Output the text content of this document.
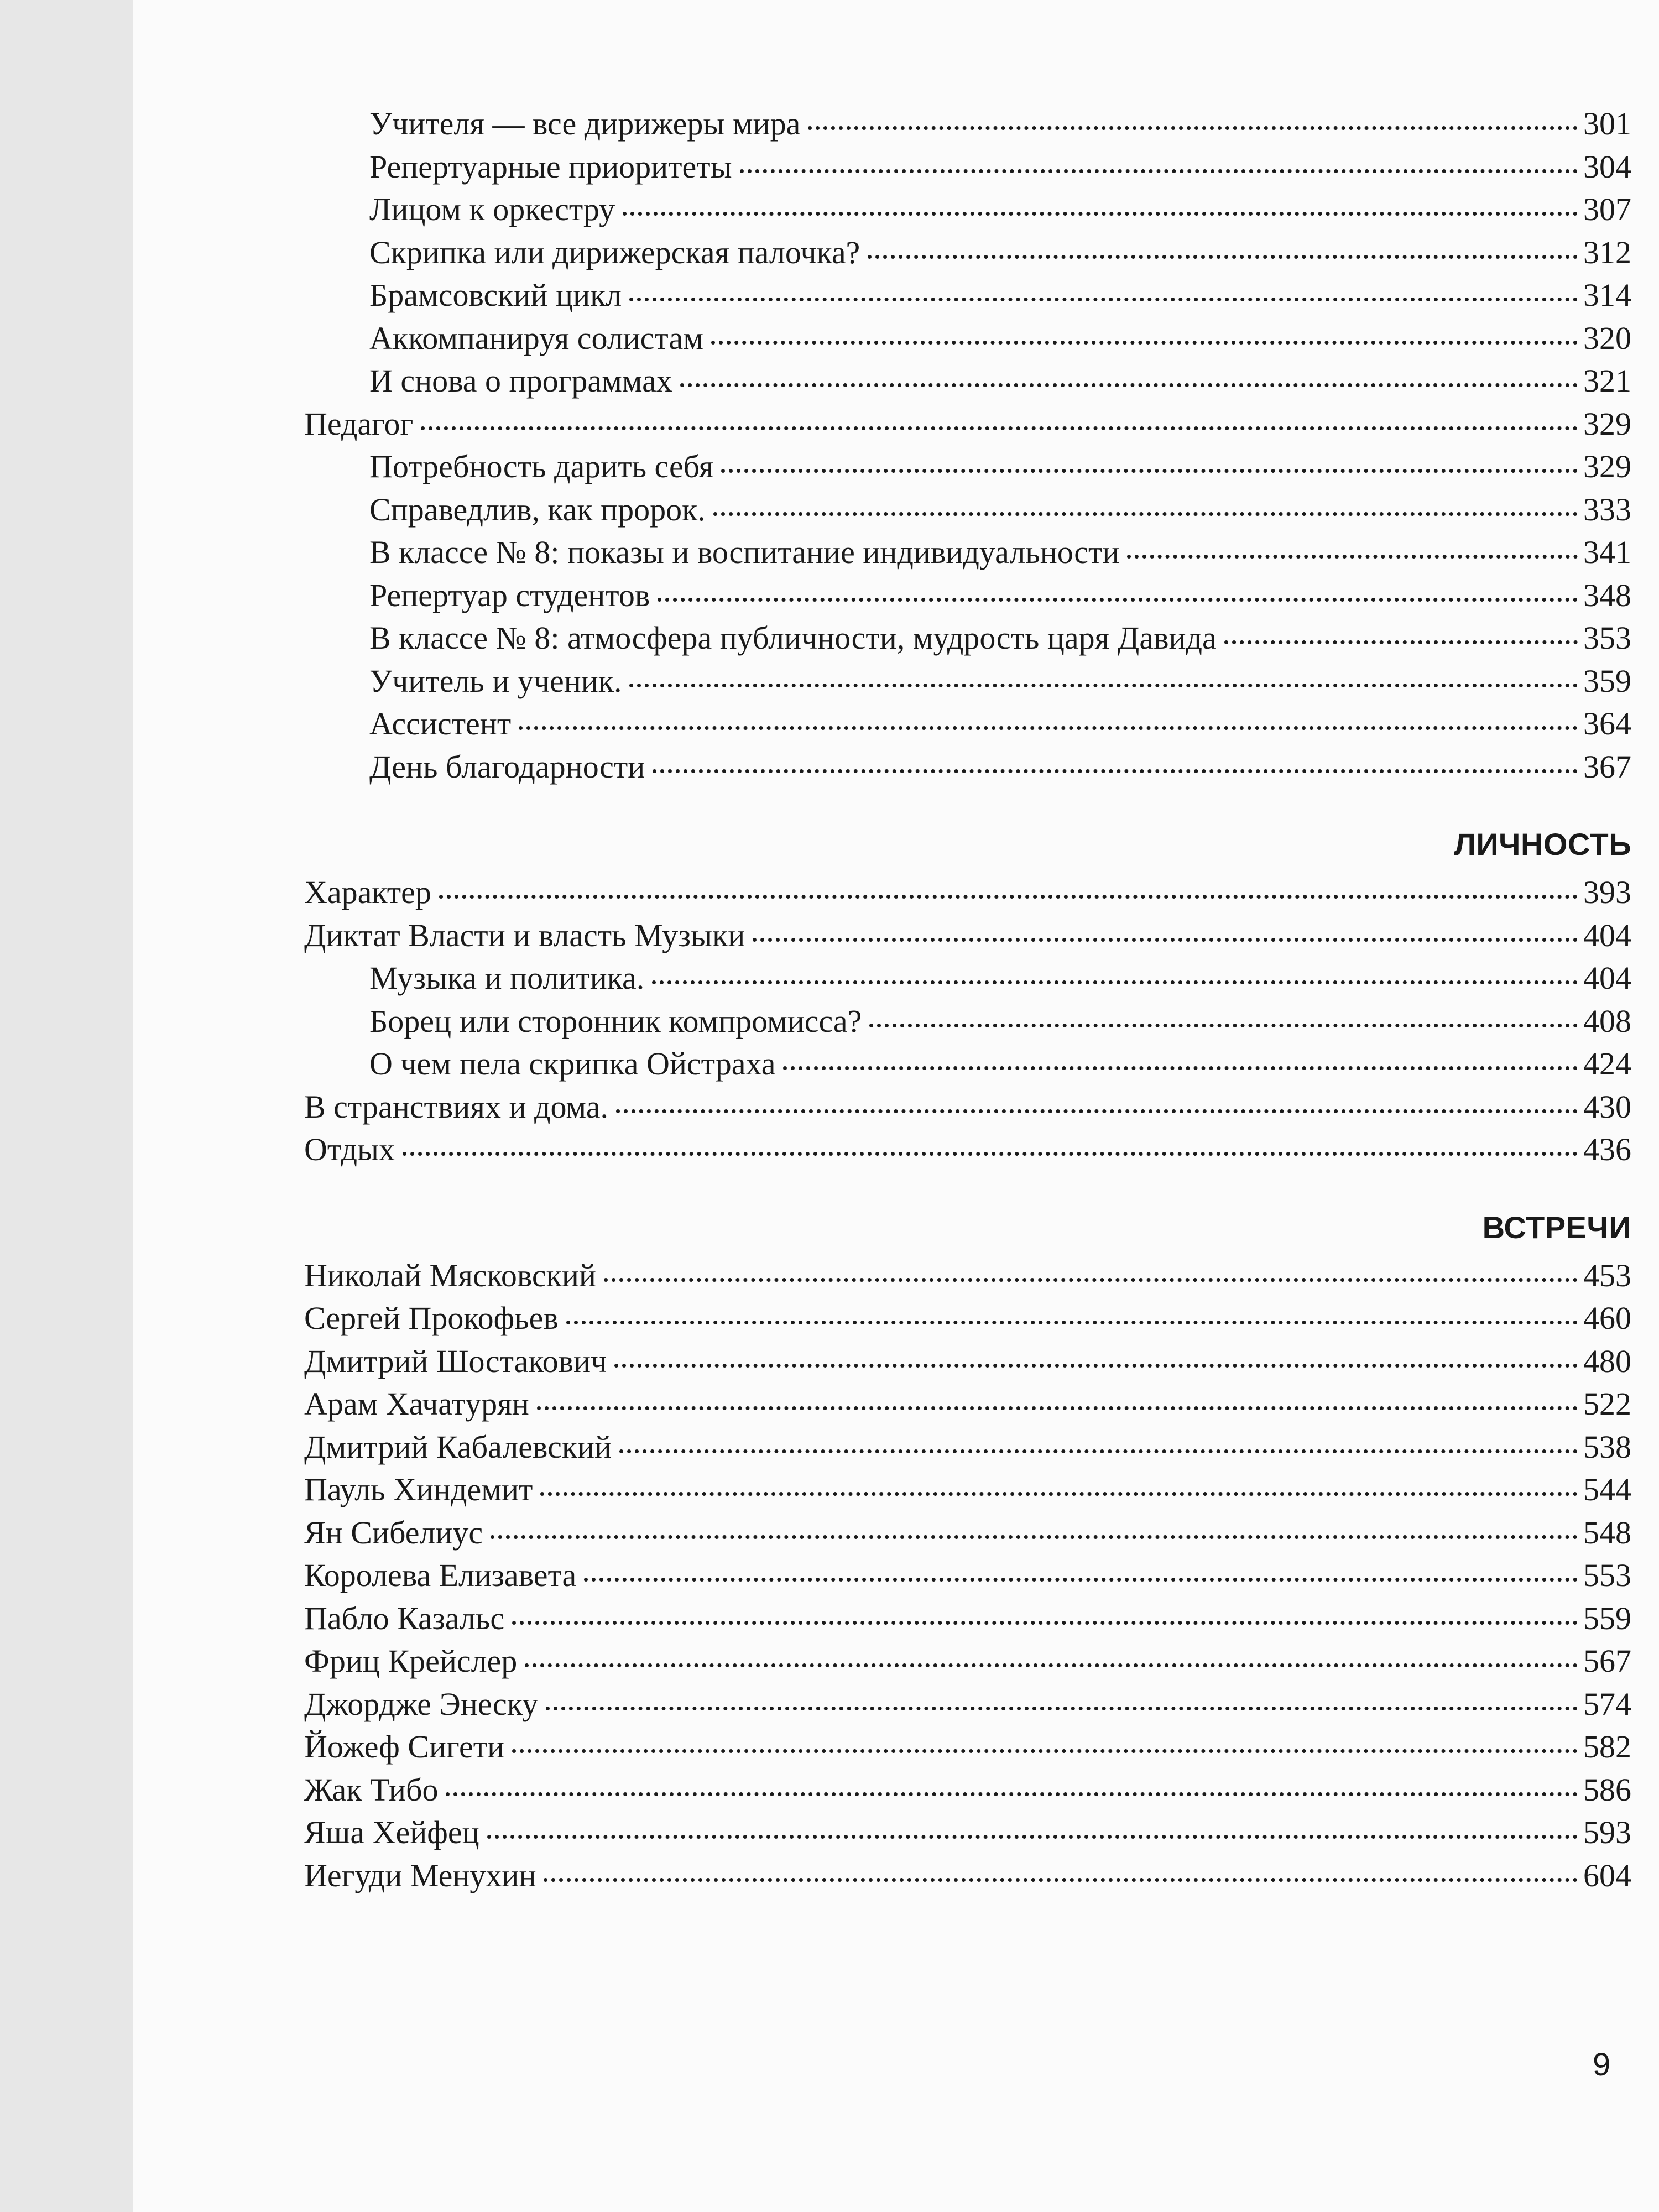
Учителя — все дирижеры мира	301
Репертуарные приоритеты	304
Лицом к оркестру	307
Скрипка или дирижерская палочка?	312
Брамсовский цикл	314
Аккомпанируя солистам	320
И снова о программах	321
Педагог	329
Потребность дарить себя	329
Справедлив, как пророк.	333
В классе № 8: показы и воспитание индивидуальности	341
Репертуар студентов	348
В классе № 8: атмосфера публичности, мудрость царя Давида	353
Учитель и ученик.	359
Ассистент	364
День благодарности	367
ЛИЧНОСТЬ
Характер	393
Диктат Власти и власть Музыки	404
Музыка и политика.	404
Борец или сторонник компромисса?	408
О чем пела скрипка Ойстраха	424
В странствиях и дома.	430
Отдых	436
ВСТРЕЧИ
Николай Мясковский	453
Сергей Прокофьев	460
Дмитрий Шостакович	480
Арам Хачатурян	522
Дмитрий Кабалевский	538
Пауль Хиндемит	544
Ян Сибелиус	548
Королева Елизавета	553
Пабло Казальс	559
Фриц Крейслер	567
Джордже Энеску	574
Йожеф Сигети	582
Жак Тибо	586
Яша Хейфец	593
Иегуди Менухин	604
9
